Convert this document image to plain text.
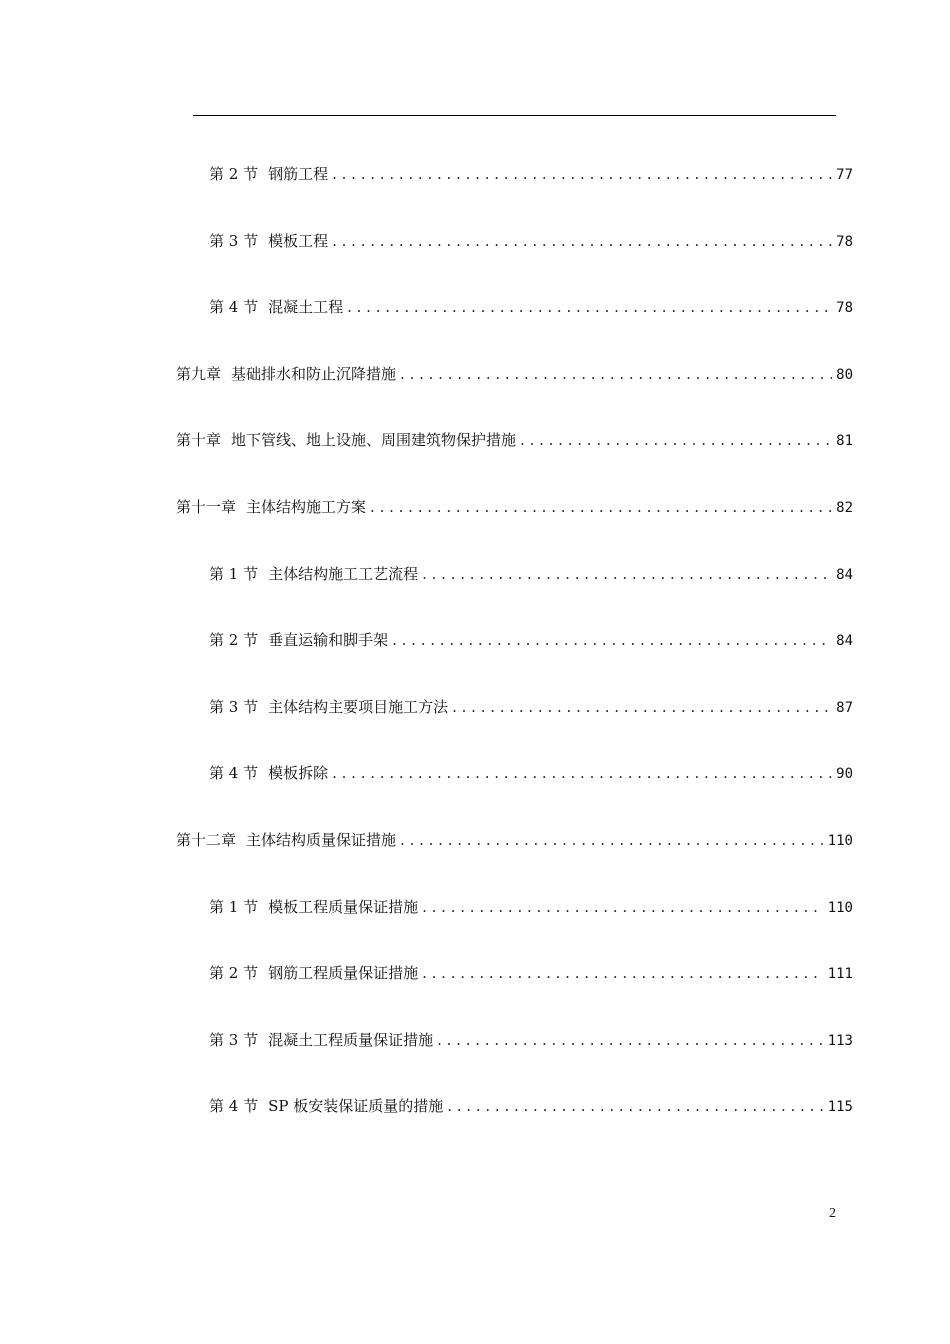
第 2 节 钢筋工程 . . .	77
第 3 节 模板工程 . . .	78
第 4 节 混凝土工程 . . .	78
第九章 基础排水和防止沉降措施 . . .	80
第十章 地下管线、地上设施、周围建筑物保护措施 . . .	81
第十一章 主体结构施工方案 . . .	82
第 1 节 主体结构施工工艺流程 . . .	84
第 2 节 垂直运输和脚手架 . . .	84
第 3 节 主体结构主要项目施工方法 . . .	87
第 4 节 模板拆除 . . .	90
第十二章 主体结构质量保证措施 . . .	110
第 1 节 模板工程质量保证措施 . . .	110
第 2 节 钢筋工程质量保证措施 . . .	111
第 3 节 混凝土工程质量保证措施 . . .	113
第 4 节 SP 板安装保证质量的措施 . . .	115
2
